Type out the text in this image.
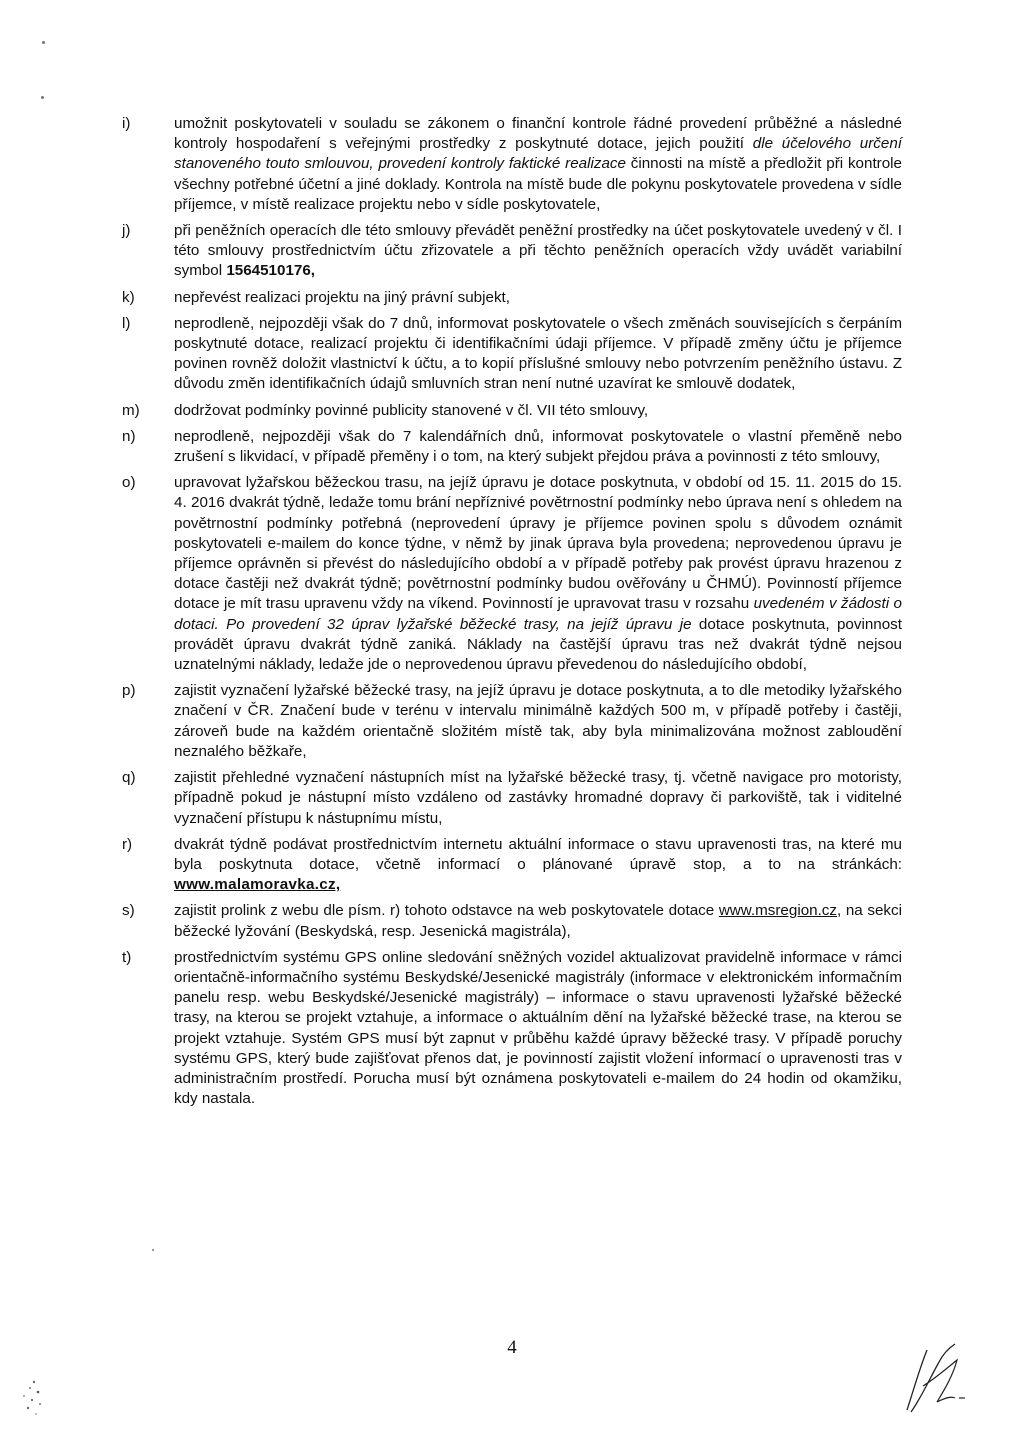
i)	umožnit poskytovateli v souladu se zákonem o finanční kontrole řádné provedení průběžné a následné kontroly hospodaření s veřejnými prostředky z poskytnuté dotace, jejich použití dle účelového určení stanoveného touto smlouvou, provedení kontroly faktické realizace činnosti na místě a předložit při kontrole všechny potřebné účetní a jiné doklady. Kontrola na místě bude dle pokynu poskytovatele provedena v sídle příjemce, v místě realizace projektu nebo v sídle poskytovatele,
j)	při peněžních operacích dle této smlouvy převádět peněžní prostředky na účet poskytovatele uvedený v čl. I této smlouvy prostřednictvím účtu zřizovatele a při těchto peněžních operacích vždy uvádět variabilní symbol 1564510176,
k)	nepřevést realizaci projektu na jiný právní subjekt,
l)	neprodleně, nejpozději však do 7 dnů, informovat poskytovatele o všech změnách souvisejících s čerpáním poskytnuté dotace, realizací projektu či identifikačními údaji příjemce. V případě změny účtu je příjemce povinen rovněž doložit vlastnictví k účtu, a to kopií příslušné smlouvy nebo potvrzením peněžního ústavu. Z důvodu změn identifikačních údajů smluvních stran není nutné uzavírat ke smlouvě dodatek,
m)	dodržovat podmínky povinné publicity stanovené v čl. VII této smlouvy,
n)	neprodleně, nejpozději však do 7 kalendářních dnů, informovat poskytovatele o vlastní přeměně nebo zrušení s likvidací, v případě přeměny i o tom, na který subjekt přejdou práva a povinnosti z této smlouvy,
o)	upravovat lyžařskou běžeckou trasu, na jejíž úpravu je dotace poskytnuta, v období od 15. 11. 2015 do 15. 4. 2016 dvakrát týdně, ledaže tomu brání nepříznivé povětrnostní podmínky nebo úprava není s ohledem na povětrnostní podmínky potřebná (neprovedení úpravy je příjemce povinen spolu s důvodem oznámit poskytovateli e-mailem do konce týdne, v němž by jinak úprava byla provedena; neprovedenou úpravu je příjemce oprávněn si převést do následujícího období a v případě potřeby pak provést úpravu hrazenou z dotace častěji než dvakrát týdně; povětrnostní podmínky budou ověřovány u ČHMÚ). Povinností příjemce dotace je mít trasu upravenu vždy na víkend. Povinností je upravovat trasu v rozsahu uvedeném v žádosti o dotaci. Po provedení 32 úprav lyžařské běžecké trasy, na jejíž úpravu je dotace poskytnuta, povinnost provádět úpravu dvakrát týdně zaniká. Náklady na častější úpravu tras než dvakrát týdně nejsou uznatelnými náklady, ledaže jde o neprovedenou úpravu převedenou do následujícího období,
p)	zajistit vyznačení lyžařské běžecké trasy, na jejíž úpravu je dotace poskytnuta, a to dle metodiky lyžařského značení v ČR. Značení bude v terénu v intervalu minimálně každých 500 m, v případě potřeby i častěji, zároveň bude na každém orientačně složitém místě tak, aby byla minimalizována možnost zabloudění neznalého běžkaře,
q)	zajistit přehledné vyznačení nástupních míst na lyžařské běžecké trasy, tj. včetně navigace pro motoristy, případně pokud je nástupní místo vzdáleno od zastávky hromadné dopravy či parkoviště, tak i viditelné vyznačení přístupu k nástupnímu místu,
r)	dvakrát týdně podávat prostřednictvím internetu aktuální informace o stavu upravenosti tras, na které mu byla poskytnuta dotace, včetně informací o plánované úpravě stop, a to na stránkách: www.malamoravka.cz,
s)	zajistit prolink z webu dle písm. r) tohoto odstavce na web poskytovatele dotace www.msregion.cz, na sekci běžecké lyžování (Beskydská, resp. Jesenická magistrála),
t)	prostřednictvím systému GPS online sledování sněžných vozidel aktualizovat pravidelně informace v rámci orientačně-informačního systému Beskydské/Jesenické magistrály (informace v elektronickém informačním panelu resp. webu Beskydské/Jesenické magistrály) – informace o stavu upravenosti lyžařské běžecké trasy, na kterou se projekt vztahuje, a informace o aktuálním dění na lyžařské běžecké trase, na kterou se projekt vztahuje. Systém GPS musí být zapnut v průběhu každé úpravy běžecké trasy. V případě poruchy systému GPS, který bude zajišťovat přenos dat, je povinností zajistit vložení informací o upravenosti tras v administračním prostředí. Porucha musí být oznámena poskytovateli e-mailem do 24 hodin od okamžiku, kdy nastala.
4
